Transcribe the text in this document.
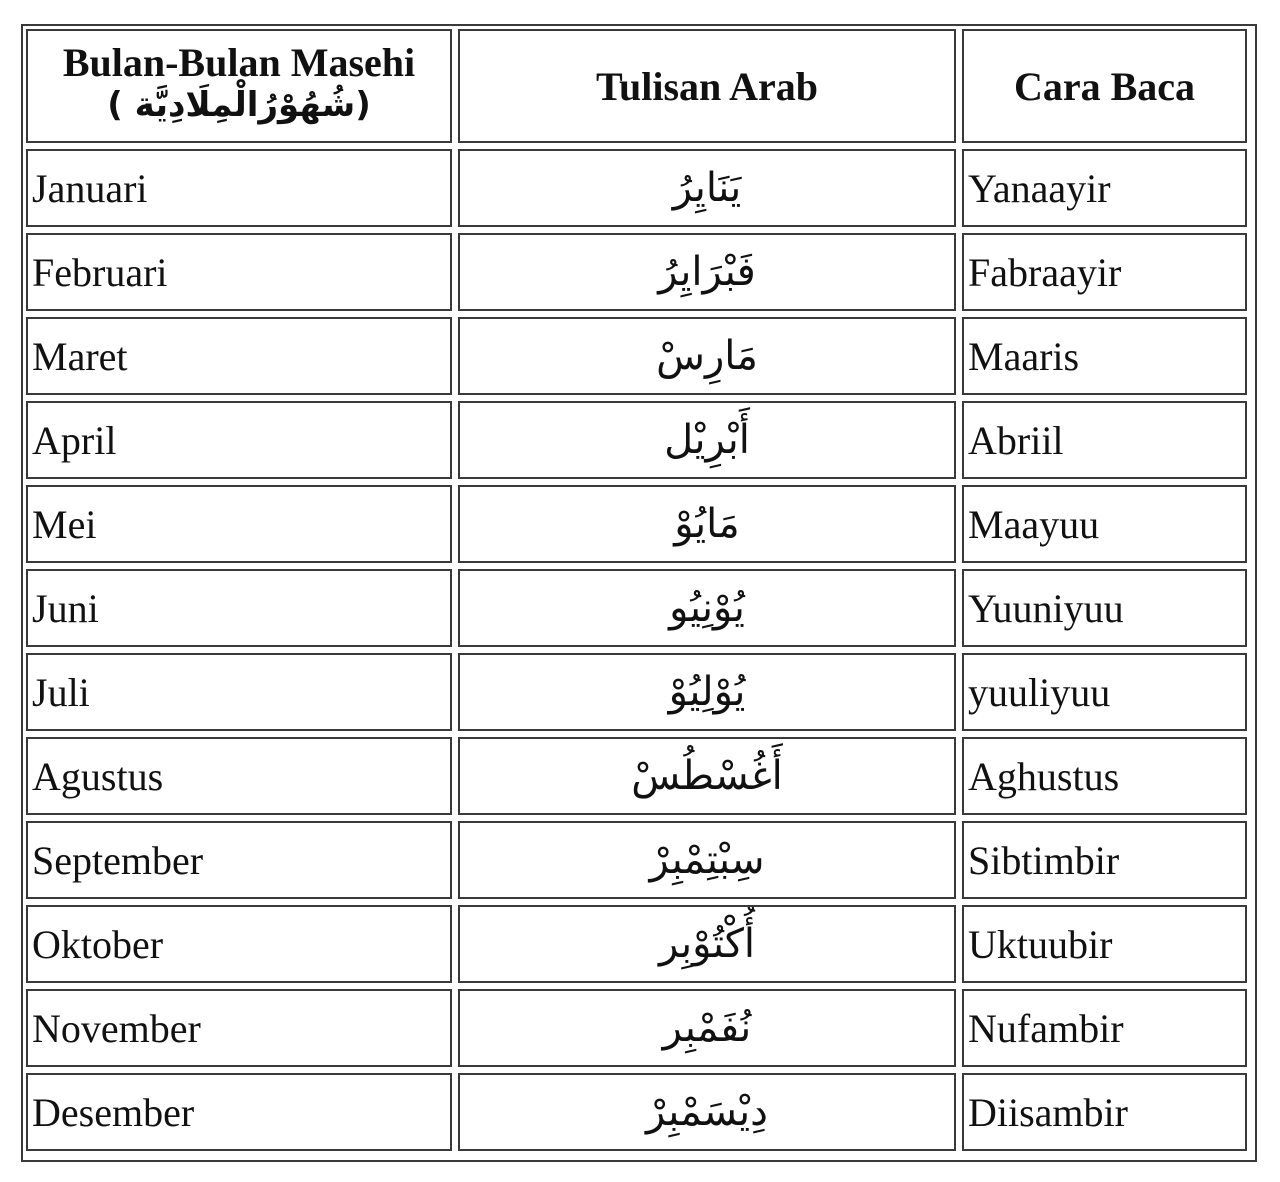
Bulan-Bulan Masehi
(شُهُوْرُالْمِلَادِيَّة )	Tulisan Arab	Cara Baca
Januari	يَنَايِرُ	Yanaayir
Februari	فَبْرَايِرُ	Fabraayir
Maret	مَارِسْ	Maaris
April	أَبْرِيْل	Abriil
Mei	مَايُوْ	Maayuu
Juni	يُوْنِيُو	Yuuniyuu
Juli	يُوْلِيُوْ	yuuliyuu
Agustus	أَغُسْطُسْ	Aghustus
September	سِبْتِمْبِرْ	Sibtimbir
Oktober	أُكْتُوْبِر	Uktuubir
November	نُفَمْبِر	Nufambir
Desember	دِيْسَمْبِرْ	Diisambir
